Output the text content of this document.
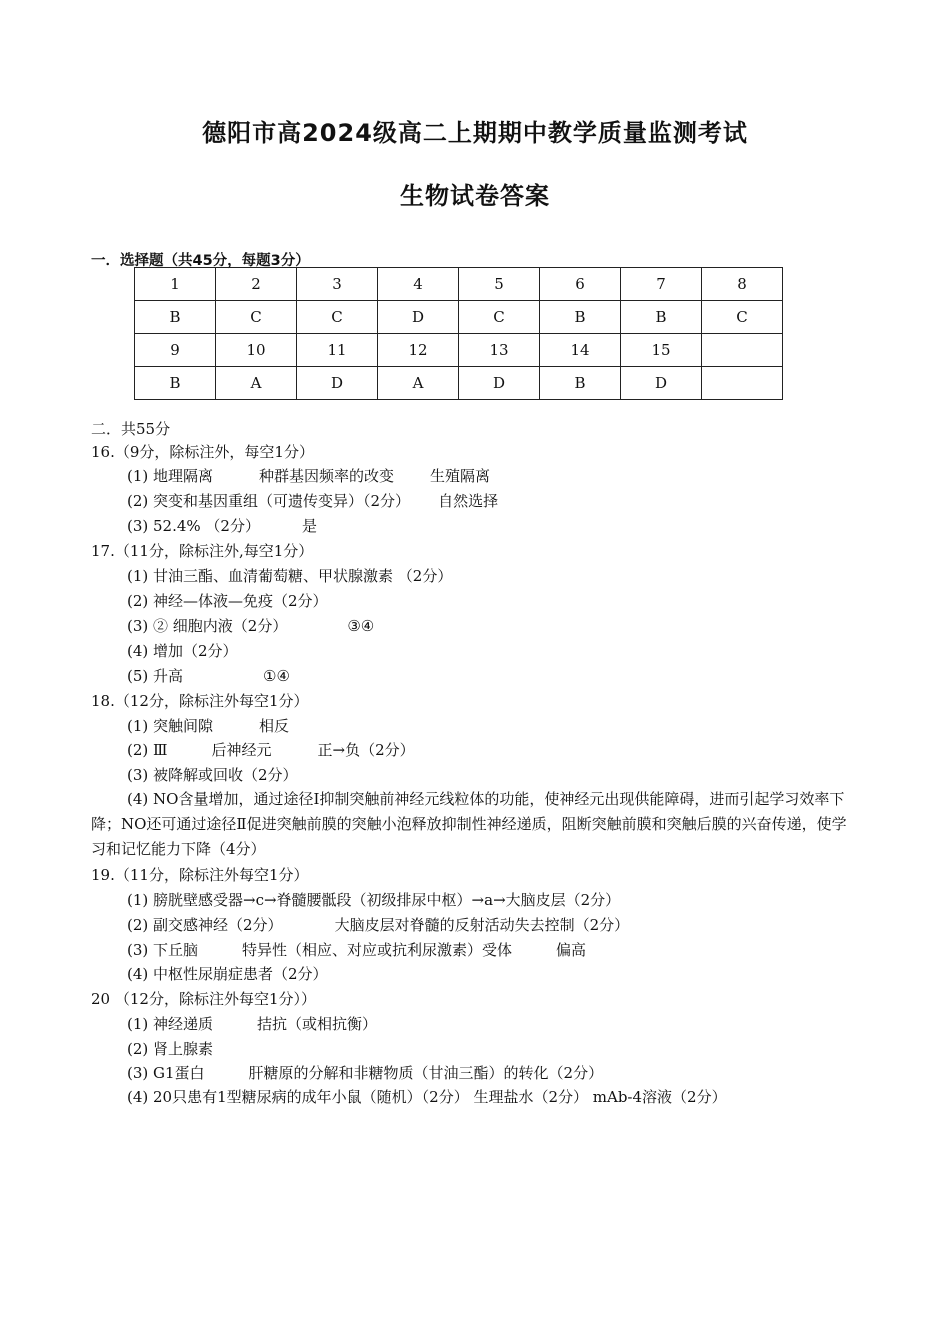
德阳市高2024级高二上期期中教学质量监测考试
生物试卷答案
一．选择题（共45分，每题3分）
1	2	3	4	5	6	7	8
B	C	C	D	C	B	B	C
9	10	11	12	13	14	15	
B	A	D	A	D	B	D	
二．共55分
16.（9分，除标注外，每空1分）
(1) 地理隔离	种群基因频率的改变 生殖隔离
(2) 突变和基因重组（可遗传变异）（2分） 自然选择
(3) 52.4% （2分）	是
17.（11分，除标注外,每空1分）
(1) 甘油三酯、血清葡萄糖、甲状腺激素 （2分）
(2) 神经—体液—免疫（2分）
(3) ② 细胞内液（2分）	③④
(4) 增加（2分）
(5) 升高	①④
18.（12分，除标注外每空1分）
(1) 突触间隙	相反
(2) Ⅲ	后神经元	正→负（2分）
(3) 被降解或回收（2分）
(4) NO含量增加，通过途径Ⅰ抑制突触前神经元线粒体的功能，使神经元出现供能障碍，进而引起学习效率下降；NO还可通过途径Ⅱ促进突触前膜的突触小泡释放抑制性神经递质，阻断突触前膜和突触后膜的兴奋传递，使学习和记忆能力下降（4分）
19.（11分，除标注外每空1分）
(1) 膀胱壁感受器→c→脊髓腰骶段（初级排尿中枢）→a→大脑皮层（2分）
(2) 副交感神经（2分）	大脑皮层对脊髓的反射活动失去控制（2分）
(3) 下丘脑	特异性（相应、对应或抗利尿激素）受体	偏高
(4) 中枢性尿崩症患者（2分）
20 （12分，除标注外每空1分））
(1) 神经递质	拮抗（或相抗衡）
(2) 肾上腺素
(3) G1蛋白	肝糖原的分解和非糖物质（甘油三酯）的转化（2分）
(4) 20只患有1型糖尿病的成年小鼠（随机）（2分） 生理盐水（2分） mAb-4溶液（2分）
